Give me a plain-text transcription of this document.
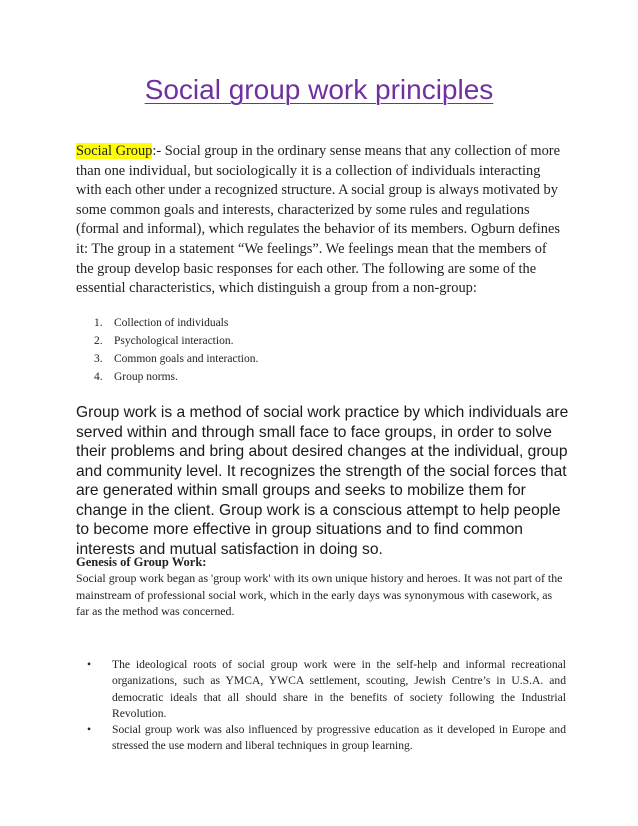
Social group work principles

Social Group:- Social group in the ordinary sense means that any collection of more than one individual, but sociologically it is a collection of individuals interacting with each other under a recognized structure. A social group is always motivated by some common goals and interests, characterized by some rules and regulations (formal and informal), which regulates the behavior of its members. Ogburn defines it: The group in a statement “We feelings”. We feelings mean that the members of the group develop basic responses for each other. The following are some of the essential characteristics, which distinguish a group from a non-group:

1. Collection of individuals
2. Psychological interaction.
3. Common goals and interaction.
4. Group norms.

Group work is a method of social work practice by which individuals are served within and through small face to face groups, in order to solve their problems and bring about desired changes at the individual, group and community level. It recognizes the strength of the social forces that are generated within small groups and seeks to mobilize them for change in the client. Group work is a conscious attempt to help people to become more effective in group situations and to find common interests and mutual satisfaction in doing so.

Genesis of Group Work:

Social group work began as 'group work' with its own unique history and heroes. It was not part of the mainstream of professional social work, which in the early days was synonymous with casework, as far as the method was concerned.

• The ideological roots of social group work were in the self-help and informal recreational organizations, such as YMCA, YWCA settlement, scouting, Jewish Centre’s in U.S.A. and democratic ideals that all should share in the benefits of society following the Industrial Revolution.
• Social group work was also influenced by progressive education as it developed in Europe and stressed the use modern and liberal techniques in group learning.
